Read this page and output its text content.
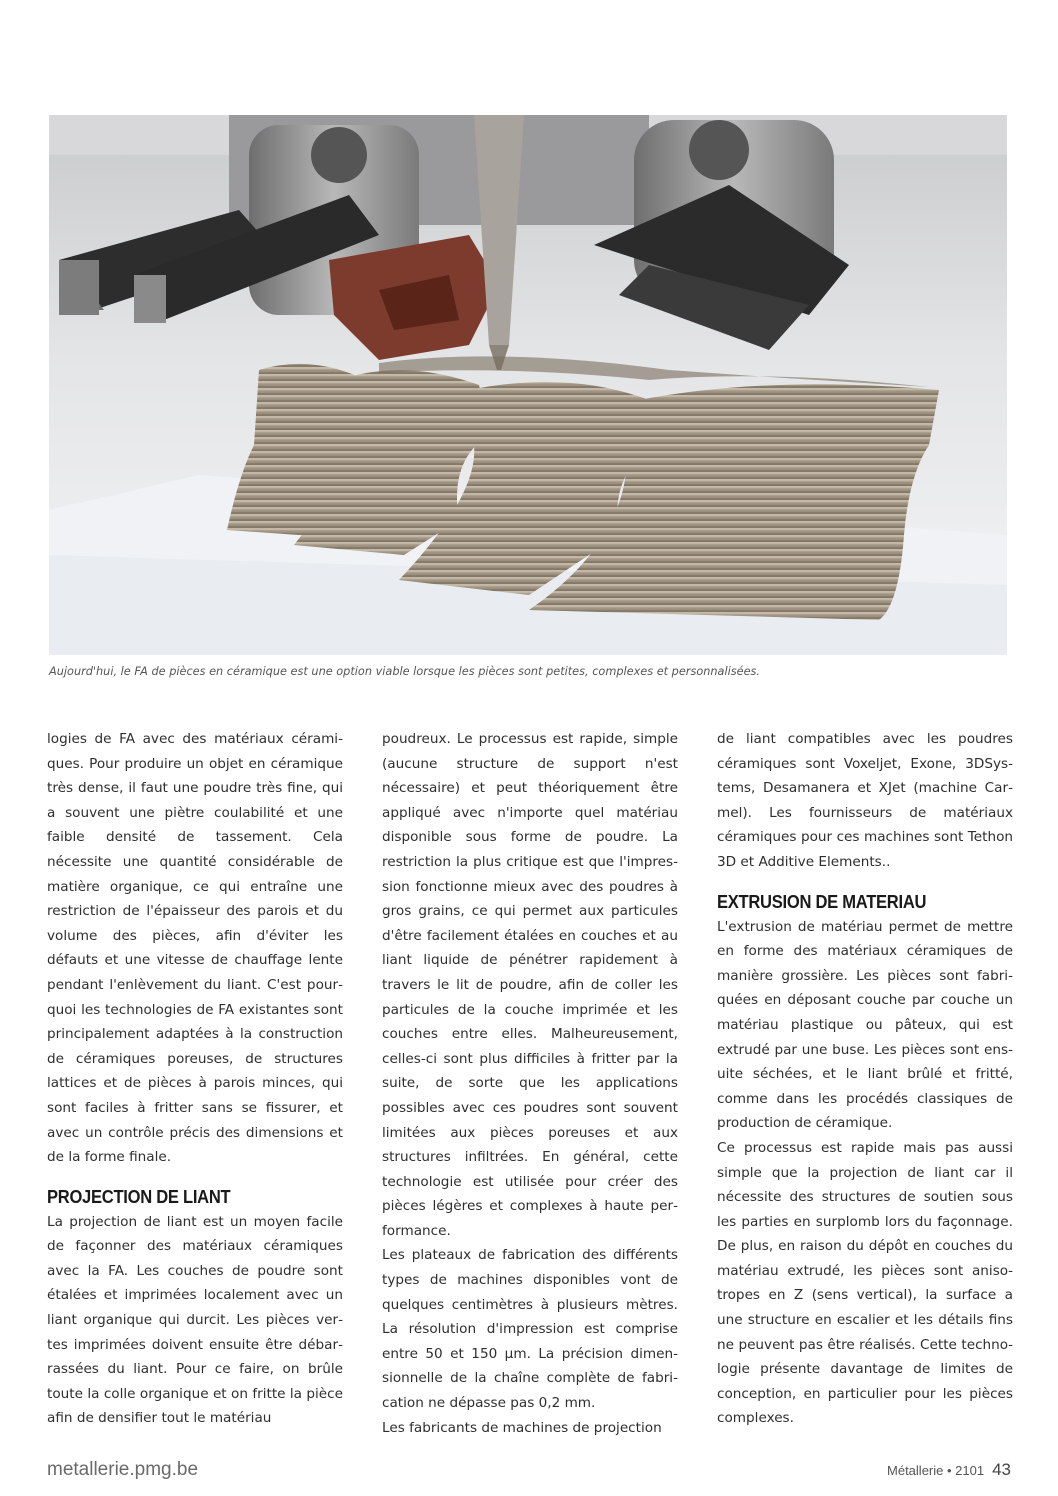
Aujourd'hui, le FA de pièces en céramique est une option viable lorsque les pièces sont petites, complexes et personnalisées.

logies de FA avec des matériaux céramiques. Pour produire un objet en céramique très dense, il faut une poudre très fine, qui a souvent une piètre coulabilité et une faible densité de tassement. Cela nécessite une quantité considérable de matière organique, ce qui entraîne une restriction de l'épaisseur des parois et du volume des pièces, afin d'éviter les défauts et une vitesse de chauffage lente pendant l'enlèvement du liant. C'est pourquoi les technologies de FA existantes sont principalement adaptées à la construction de céramiques poreuses, de structures lattices et de pièces à parois minces, qui sont faciles à fritter sans se fissurer, et avec un contrôle précis des dimensions et de la forme finale.

PROJECTION DE LIANT

La projection de liant est un moyen facile de façonner des matériaux céramiques avec la FA. Les couches de poudre sont étalées et imprimées localement avec un liant organique qui durcit. Les pièces vertes imprimées doivent ensuite être débarrassées du liant. Pour ce faire, on brûle toute la colle organique et on fritte la pièce afin de densifier tout le matériau

poudreux. Le processus est rapide, simple (aucune structure de support n'est nécessaire) et peut théoriquement être appliqué avec n'importe quel matériau disponible sous forme de poudre. La restriction la plus critique est que l'impression fonctionne mieux avec des poudres à gros grains, ce qui permet aux particules d'être facilement étalées en couches et au liant liquide de pénétrer rapidement à travers le lit de poudre, afin de coller les particules de la couche imprimée et les couches entre elles. Malheureusement, celles-ci sont plus difficiles à fritter par la suite, de sorte que les applications possibles avec ces poudres sont souvent limitées aux pièces poreuses et aux structures infiltrées. En général, cette technologie est utilisée pour créer des pièces légères et complexes à haute performance.

Les plateaux de fabrication des différents types de machines disponibles vont de quelques centimètres à plusieurs mètres. La résolution d'impression est comprise entre 50 et 150 µm. La précision dimensionnelle de la chaîne complète de fabrication ne dépasse pas 0,2 mm.

Les fabricants de machines de projection

de liant compatibles avec les poudres céramiques sont Voxeljet, Exone, 3DSystems, Desamanera et XJet (machine Carmel). Les fournisseurs de matériaux céramiques pour ces machines sont Tethon 3D et Additive Elements..

EXTRUSION DE MATERIAU

L'extrusion de matériau permet de mettre en forme des matériaux céramiques de manière grossière. Les pièces sont fabriquées en déposant couche par couche un matériau plastique ou pâteux, qui est extrudé par une buse. Les pièces sont ensuite séchées, et le liant brûlé et fritté, comme dans les procédés classiques de production de céramique.

Ce processus est rapide mais pas aussi simple que la projection de liant car il nécessite des structures de soutien sous les parties en surplomb lors du façonnage. De plus, en raison du dépôt en couches du matériau extrudé, les pièces sont anisotropes en Z (sens vertical), la surface a une structure en escalier et les détails fins ne peuvent pas être réalisés. Cette technologie présente davantage de limites de conception, en particulier pour les pièces complexes.

metallerie.pmg.be	Métallerie • 2101 43
